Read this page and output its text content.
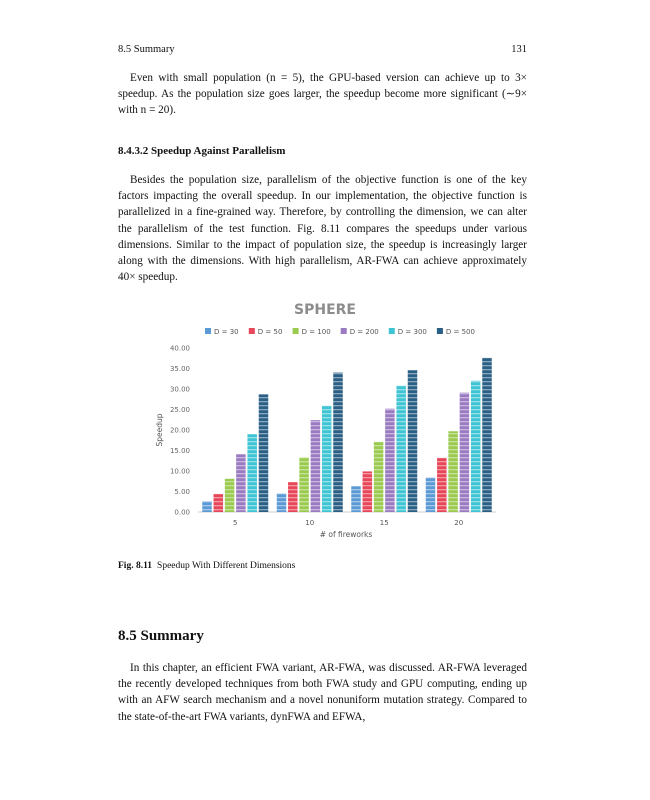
8.5 Summary	131

Even with small population (n = 5), the GPU-based version can achieve up to 3× speedup. As the population size goes larger, the speedup become more significant (∼9× with n = 20).

8.4.3.2 Speedup Against Parallelism

Besides the population size, parallelism of the objective function is one of the key factors impacting the overall speedup. In our implementation, the objective function is parallelized in a fine-grained way. Therefore, by controlling the dimension, we can alter the parallelism of the test function. Fig. 8.11 compares the speedups under various dimensions. Similar to the impact of population size, the speedup is increasingly larger along with the dimensions. With high parallelism, AR-FWA can achieve approximately 40× speedup.

SPHERE
D = 30	D = 50	D = 100	D = 200	D = 300	D = 500
0.00
5.00
10.00
15.00
20.00
25.00
30.00
35.00
40.00
5	10	15	20
Speedup
# of fireworks
Fig. 8.11 Speedup With Different Dimensions
8.5 Summary

In this chapter, an efficient FWA variant, AR-FWA, was discussed. AR-FWA leveraged the recently developed techniques from both FWA study and GPU computing, ending up with an AFW search mechanism and a novel nonuniform mutation strategy. Compared to the state-of-the-art FWA variants, dynFWA and EFWA,
